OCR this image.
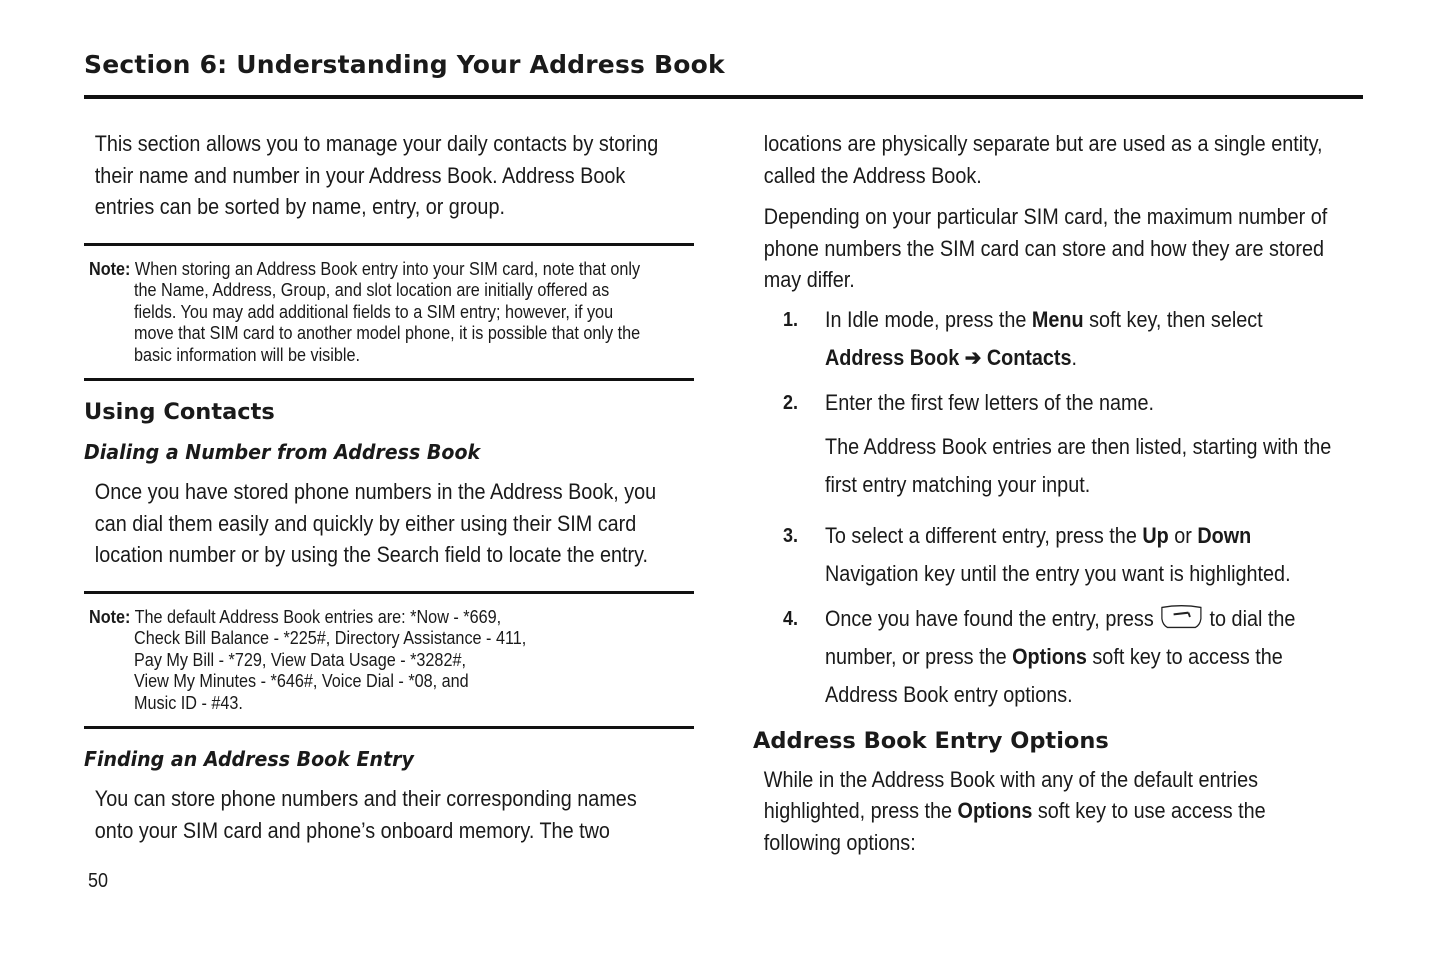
Section 6: Understanding Your Address Book
This section allows you to manage your daily contacts by storing
their name and number in your Address Book. Address Book
entries can be sorted by name, entry, or group.
Note: When storing an Address Book entry into your SIM card, note that only
the Name, Address, Group, and slot location are initially offered as
fields. You may add additional fields to a SIM entry; however, if you
move that SIM card to another model phone, it is possible that only the
basic information will be visible.
Using Contacts
Dialing a Number from Address Book
Once you have stored phone numbers in the Address Book, you
can dial them easily and quickly by either using their SIM card
location number or by using the Search field to locate the entry.
Note: The default Address Book entries are: *Now - *669,
Check Bill Balance - *225#, Directory Assistance - 411,
Pay My Bill - *729, View Data Usage - *3282#,
View My Minutes - *646#, Voice Dial - *08, and
Music ID - #43.
Finding an Address Book Entry
You can store phone numbers and their corresponding names
onto your SIM card and phone’s onboard memory. The two
locations are physically separate but are used as a single entity,
called the Address Book.
Depending on your particular SIM card, the maximum number of
phone numbers the SIM card can store and how they are stored
may differ.
1. In Idle mode, press the Menu soft key, then select

Address Book ➔ Contacts.

2. Enter the first few letters of the name.

The Address Book entries are then listed, starting with the

first entry matching your input.

3. To select a different entry, press the Up or Down

Navigation key until the entry you want is highlighted.

4. Once you have found the entry, press	to dial the

number, or press the Options soft key to access the

Address Book entry options.

Address Book Entry Options
While in the Address Book with any of the default entries
highlighted, press the Options soft key to use access the
following options:
50
